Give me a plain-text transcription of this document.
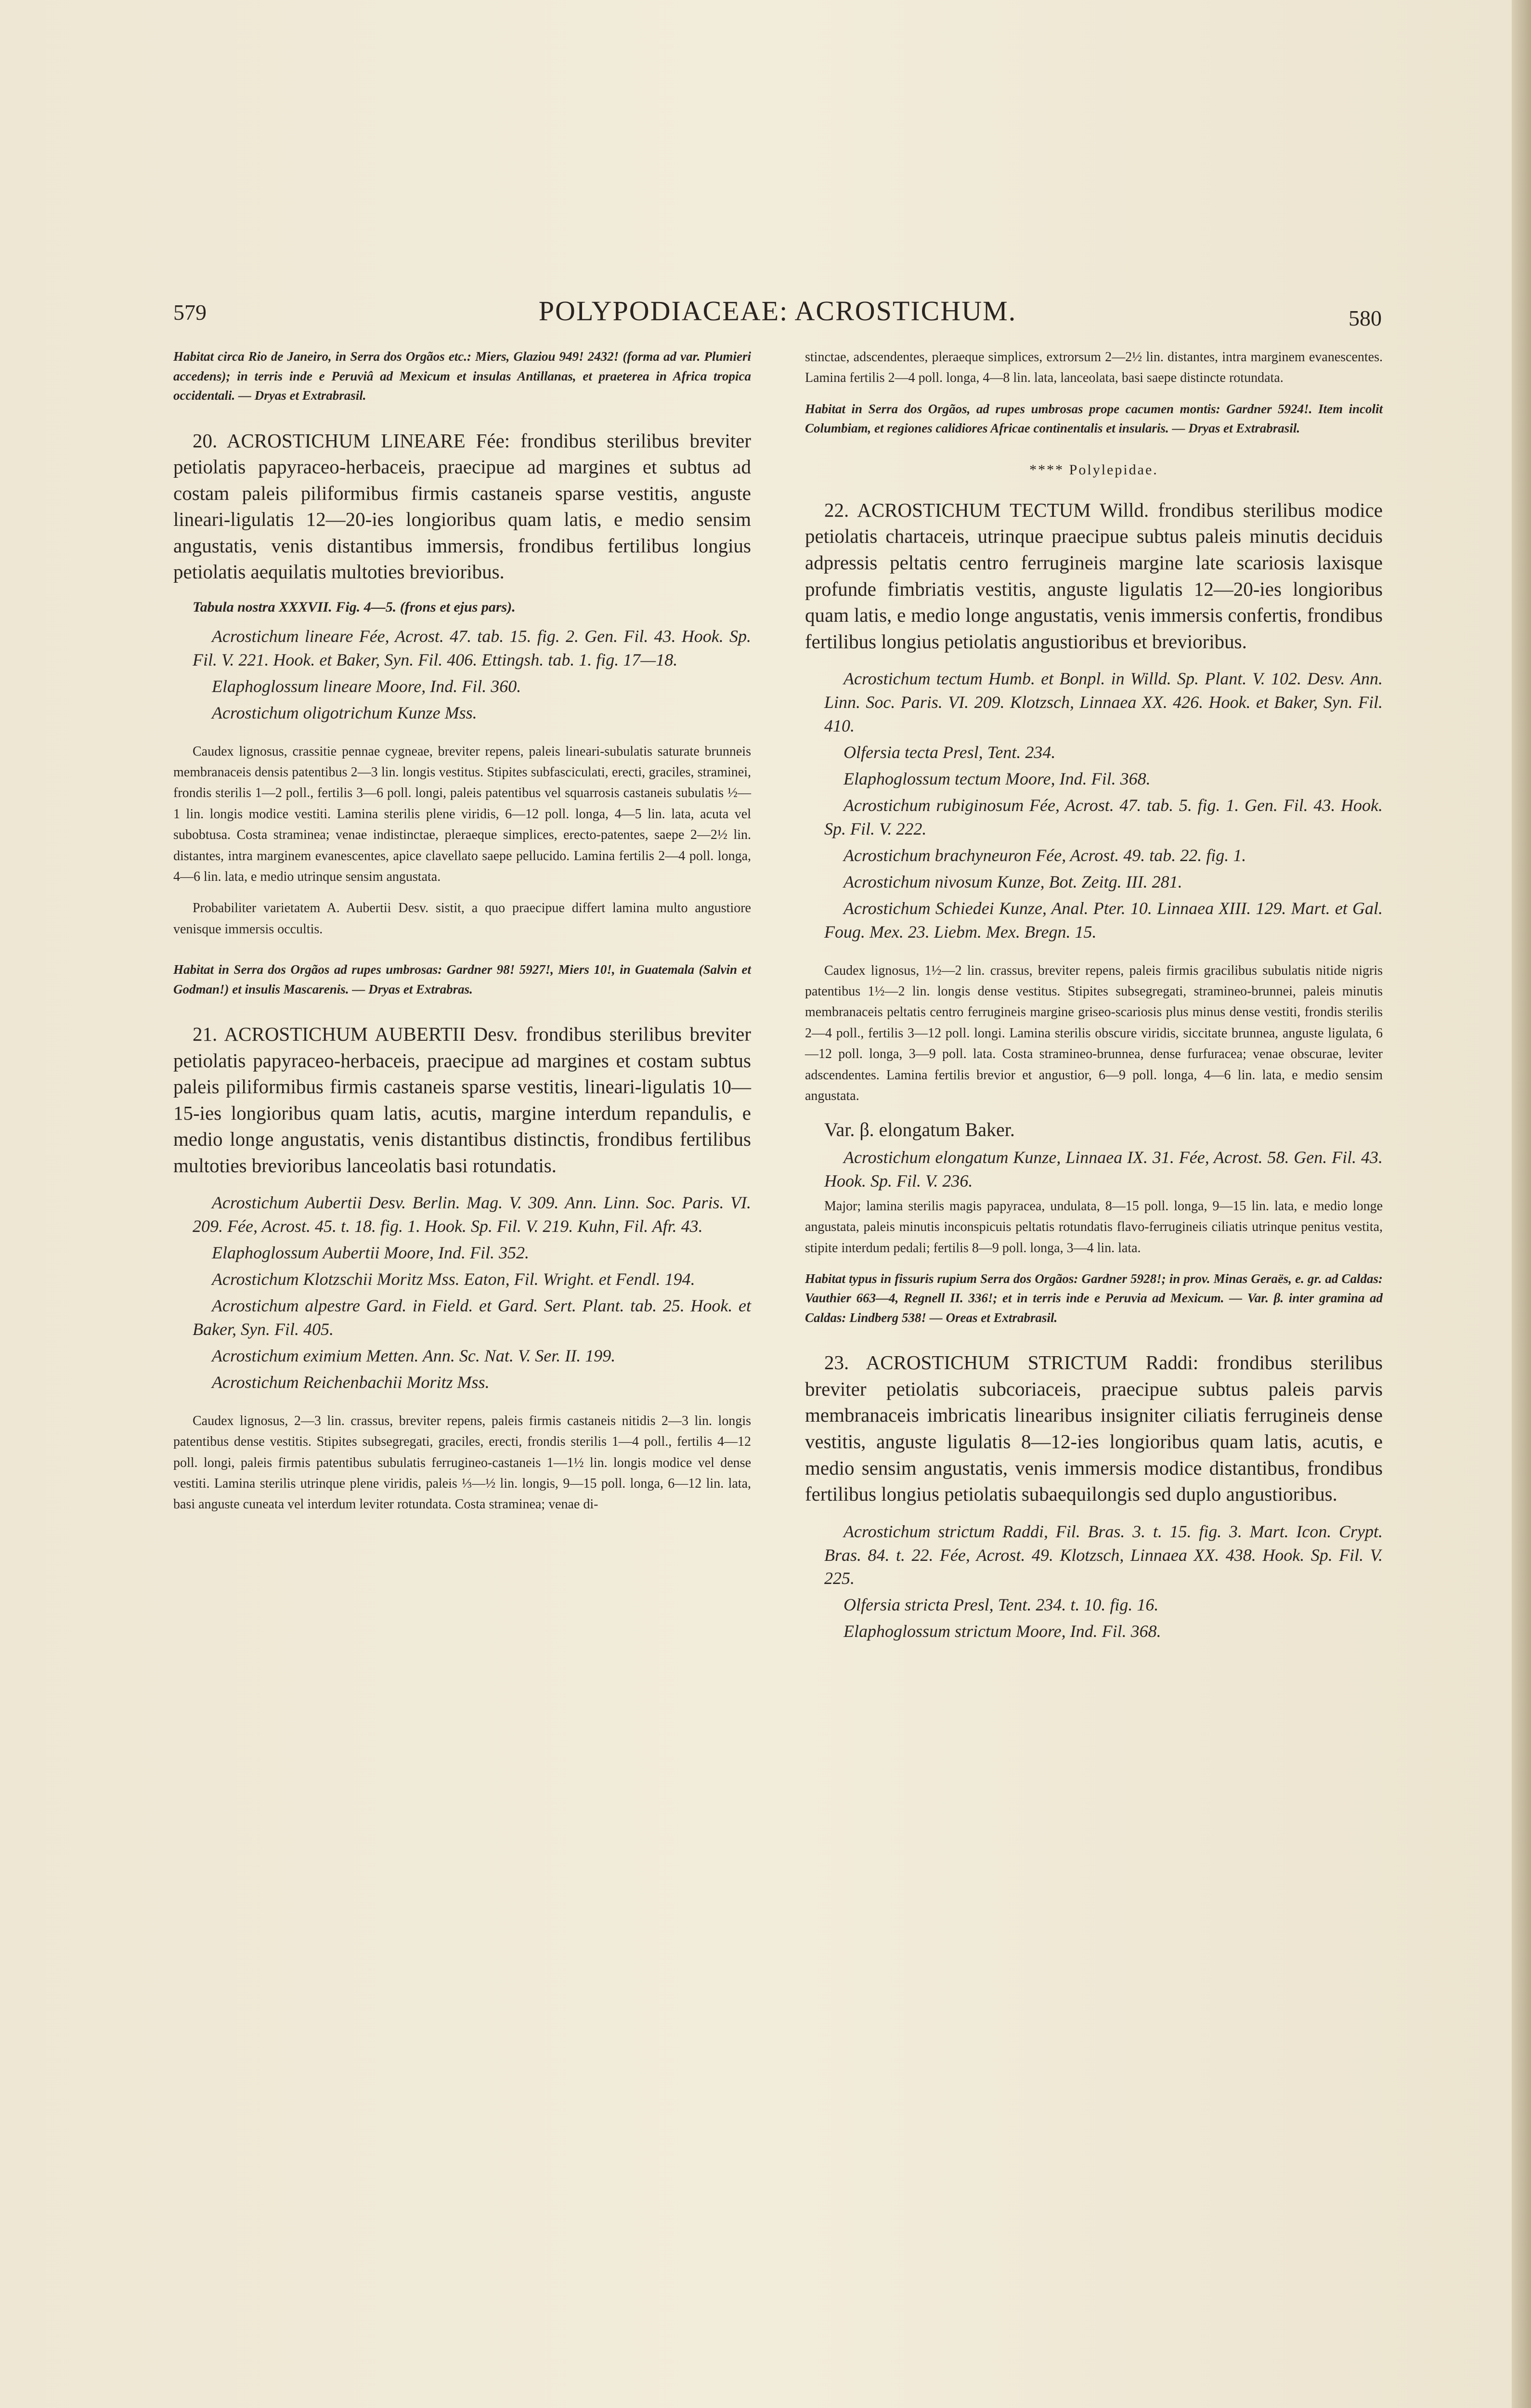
579	POLYPODIACEAE: ACROSTICHUM.	580

Habitat circa Rio de Janeiro, in Serra dos Orgãos etc.: Miers, Glaziou 949! 2432! (forma ad var. Plumieri accedens); in terris inde e Peruviâ ad Mexicum et insulas Antillanas, et praeterea in Africa tropica occidentali. — Dryas et Extrabrasil.

20. ACROSTICHUM LINEARE Fée: frondibus sterilibus breviter petiolatis papyraceo-herbaceis, praecipue ad margines et subtus ad costam paleis piliformibus firmis castaneis sparse vestitis, anguste lineari-ligulatis 12—20-ies longioribus quam latis, e medio sensim angustatis, venis distantibus immersis, frondibus fertilibus longius petiolatis aequilatis multoties brevioribus.

Tabula nostra XXXVII. Fig. 4—5. (frons et ejus pars).

Acrostichum lineare Fée, Acrost. 47. tab. 15. fig. 2. Gen. Fil. 43. Hook. Sp. Fil. V. 221. Hook. et Baker, Syn. Fil. 406. Ettingsh. tab. 1. fig. 17—18.

Elaphoglossum lineare Moore, Ind. Fil. 360.

Acrostichum oligotrichum Kunze Mss.

Caudex lignosus, crassitie pennae cygneae, breviter repens, paleis lineari-subulatis saturate brunneis membranaceis densis patentibus 2—3 lin. longis vestitus. Stipites subfasciculati, erecti, graciles, straminei, frondis sterilis 1—2 poll., fertilis 3—6 poll. longi, paleis patentibus vel squarrosis castaneis subulatis ½—1 lin. longis modice vestiti. Lamina sterilis plene viridis, 6—12 poll. longa, 4—5 lin. lata, acuta vel subobtusa. Costa straminea; venae indistinctae, pleraeque simplices, erecto-patentes, saepe 2—2½ lin. distantes, intra marginem evanescentes, apice clavellato saepe pellucido. Lamina fertilis 2—4 poll. longa, 4—6 lin. lata, e medio utrinque sensim angustata.

Probabiliter varietatem A. Aubertii Desv. sistit, a quo praecipue differt lamina multo angustiore venisque immersis occultis.

Habitat in Serra dos Orgãos ad rupes umbrosas: Gardner 98! 5927!, Miers 10!, in Guatemala (Salvin et Godman!) et insulis Mascarenis. — Dryas et Extrabras.

21. ACROSTICHUM AUBERTII Desv. frondibus sterilibus breviter petiolatis papyraceo-herbaceis, praecipue ad margines et costam subtus paleis piliformibus firmis castaneis sparse vestitis, lineari-ligulatis 10—15-ies longioribus quam latis, acutis, margine interdum repandulis, e medio longe angustatis, venis distantibus distinctis, frondibus fertilibus multoties brevioribus lanceolatis basi rotundatis.

Acrostichum Aubertii Desv. Berlin. Mag. V. 309. Ann. Linn. Soc. Paris. VI. 209. Fée, Acrost. 45. t. 18. fig. 1. Hook. Sp. Fil. V. 219. Kuhn, Fil. Afr. 43.

Elaphoglossum Aubertii Moore, Ind. Fil. 352.

Acrostichum Klotzschii Moritz Mss. Eaton, Fil. Wright. et Fendl. 194.

Acrostichum alpestre Gard. in Field. et Gard. Sert. Plant. tab. 25. Hook. et Baker, Syn. Fil. 405.

Acrostichum eximium Metten. Ann. Sc. Nat. V. Ser. II. 199.

Acrostichum Reichenbachii Moritz Mss.

Caudex lignosus, 2—3 lin. crassus, breviter repens, paleis firmis castaneis nitidis 2—3 lin. longis patentibus dense vestitis. Stipites subsegregati, graciles, erecti, frondis sterilis 1—4 poll., fertilis 4—12 poll. longi, paleis firmis patentibus subulatis ferrugineo-castaneis 1—1½ lin. longis modice vel dense vestiti. Lamina sterilis utrinque plene viridis, paleis ⅓—½ lin. longis, 9—15 poll. longa, 6—12 lin. lata, basi anguste cuneata vel interdum leviter rotundata. Costa straminea; venae di-

stinctae, adscendentes, pleraeque simplices, extrorsum 2—2½ lin. distantes, intra marginem evanescentes. Lamina fertilis 2—4 poll. longa, 4—8 lin. lata, lanceolata, basi saepe distincte rotundata.

Habitat in Serra dos Orgãos, ad rupes umbrosas prope cacumen montis: Gardner 5924!. Item incolit Columbiam, et regiones calidiores Africae continentalis et insularis. — Dryas et Extrabrasil.

**** Polylepidae.

22. ACROSTICHUM TECTUM Willd. frondibus sterilibus modice petiolatis chartaceis, utrinque praecipue subtus paleis minutis deciduis adpressis peltatis centro ferrugineis margine late scariosis laxisque profunde fimbriatis vestitis, anguste ligulatis 12—20-ies longioribus quam latis, e medio longe angustatis, venis immersis confertis, frondibus fertilibus longius petiolatis angustioribus et brevioribus.

Acrostichum tectum Humb. et Bonpl. in Willd. Sp. Plant. V. 102. Desv. Ann. Linn. Soc. Paris. VI. 209. Klotzsch, Linnaea XX. 426. Hook. et Baker, Syn. Fil. 410.

Olfersia tecta Presl, Tent. 234.

Elaphoglossum tectum Moore, Ind. Fil. 368.

Acrostichum rubiginosum Fée, Acrost. 47. tab. 5. fig. 1. Gen. Fil. 43. Hook. Sp. Fil. V. 222.

Acrostichum brachyneuron Fée, Acrost. 49. tab. 22. fig. 1.

Acrostichum nivosum Kunze, Bot. Zeitg. III. 281.

Acrostichum Schiedei Kunze, Anal. Pter. 10. Linnaea XIII. 129. Mart. et Gal. Foug. Mex. 23. Liebm. Mex. Bregn. 15.

Caudex lignosus, 1½—2 lin. crassus, breviter repens, paleis firmis gracilibus subulatis nitide nigris patentibus 1½—2 lin. longis dense vestitus. Stipites subsegregati, stramineo-brunnei, paleis minutis membranaceis peltatis centro ferrugineis margine griseo-scariosis plus minus dense vestiti, frondis sterilis 2—4 poll., fertilis 3—12 poll. longi. Lamina sterilis obscure viridis, siccitate brunnea, anguste ligulata, 6—12 poll. longa, 3—9 poll. lata. Costa stramineo-brunnea, dense furfuracea; venae obscurae, leviter adscendentes. Lamina fertilis brevior et angustior, 6—9 poll. longa, 4—6 lin. lata, e medio sensim angustata.

Var. β. elongatum Baker.

Acrostichum elongatum Kunze, Linnaea IX. 31. Fée, Acrost. 58. Gen. Fil. 43. Hook. Sp. Fil. V. 236.

Major; lamina sterilis magis papyracea, undulata, 8—15 poll. longa, 9—15 lin. lata, e medio longe angustata, paleis minutis inconspicuis peltatis rotundatis flavo-ferrugineis ciliatis utrinque penitus vestita, stipite interdum pedali; fertilis 8—9 poll. longa, 3—4 lin. lata.

Habitat typus in fissuris rupium Serra dos Orgãos: Gardner 5928!; in prov. Minas Geraës, e. gr. ad Caldas: Vauthier 663—4, Regnell II. 336!; et in terris inde e Peruvia ad Mexicum. — Var. β. inter gramina ad Caldas: Lindberg 538! — Oreas et Extrabrasil.

23. ACROSTICHUM STRICTUM Raddi: frondibus sterilibus breviter petiolatis subcoriaceis, praecipue subtus paleis parvis membranaceis imbricatis linearibus insigniter ciliatis ferrugineis dense vestitis, anguste ligulatis 8—12-ies longioribus quam latis, acutis, e medio sensim angustatis, venis immersis modice distantibus, frondibus fertilibus longius petiolatis subaequilongis sed duplo angustioribus.

Acrostichum strictum Raddi, Fil. Bras. 3. t. 15. fig. 3. Mart. Icon. Crypt. Bras. 84. t. 22. Fée, Acrost. 49. Klotzsch, Linnaea XX. 438. Hook. Sp. Fil. V. 225.

Olfersia stricta Presl, Tent. 234. t. 10. fig. 16.

Elaphoglossum strictum Moore, Ind. Fil. 368.
